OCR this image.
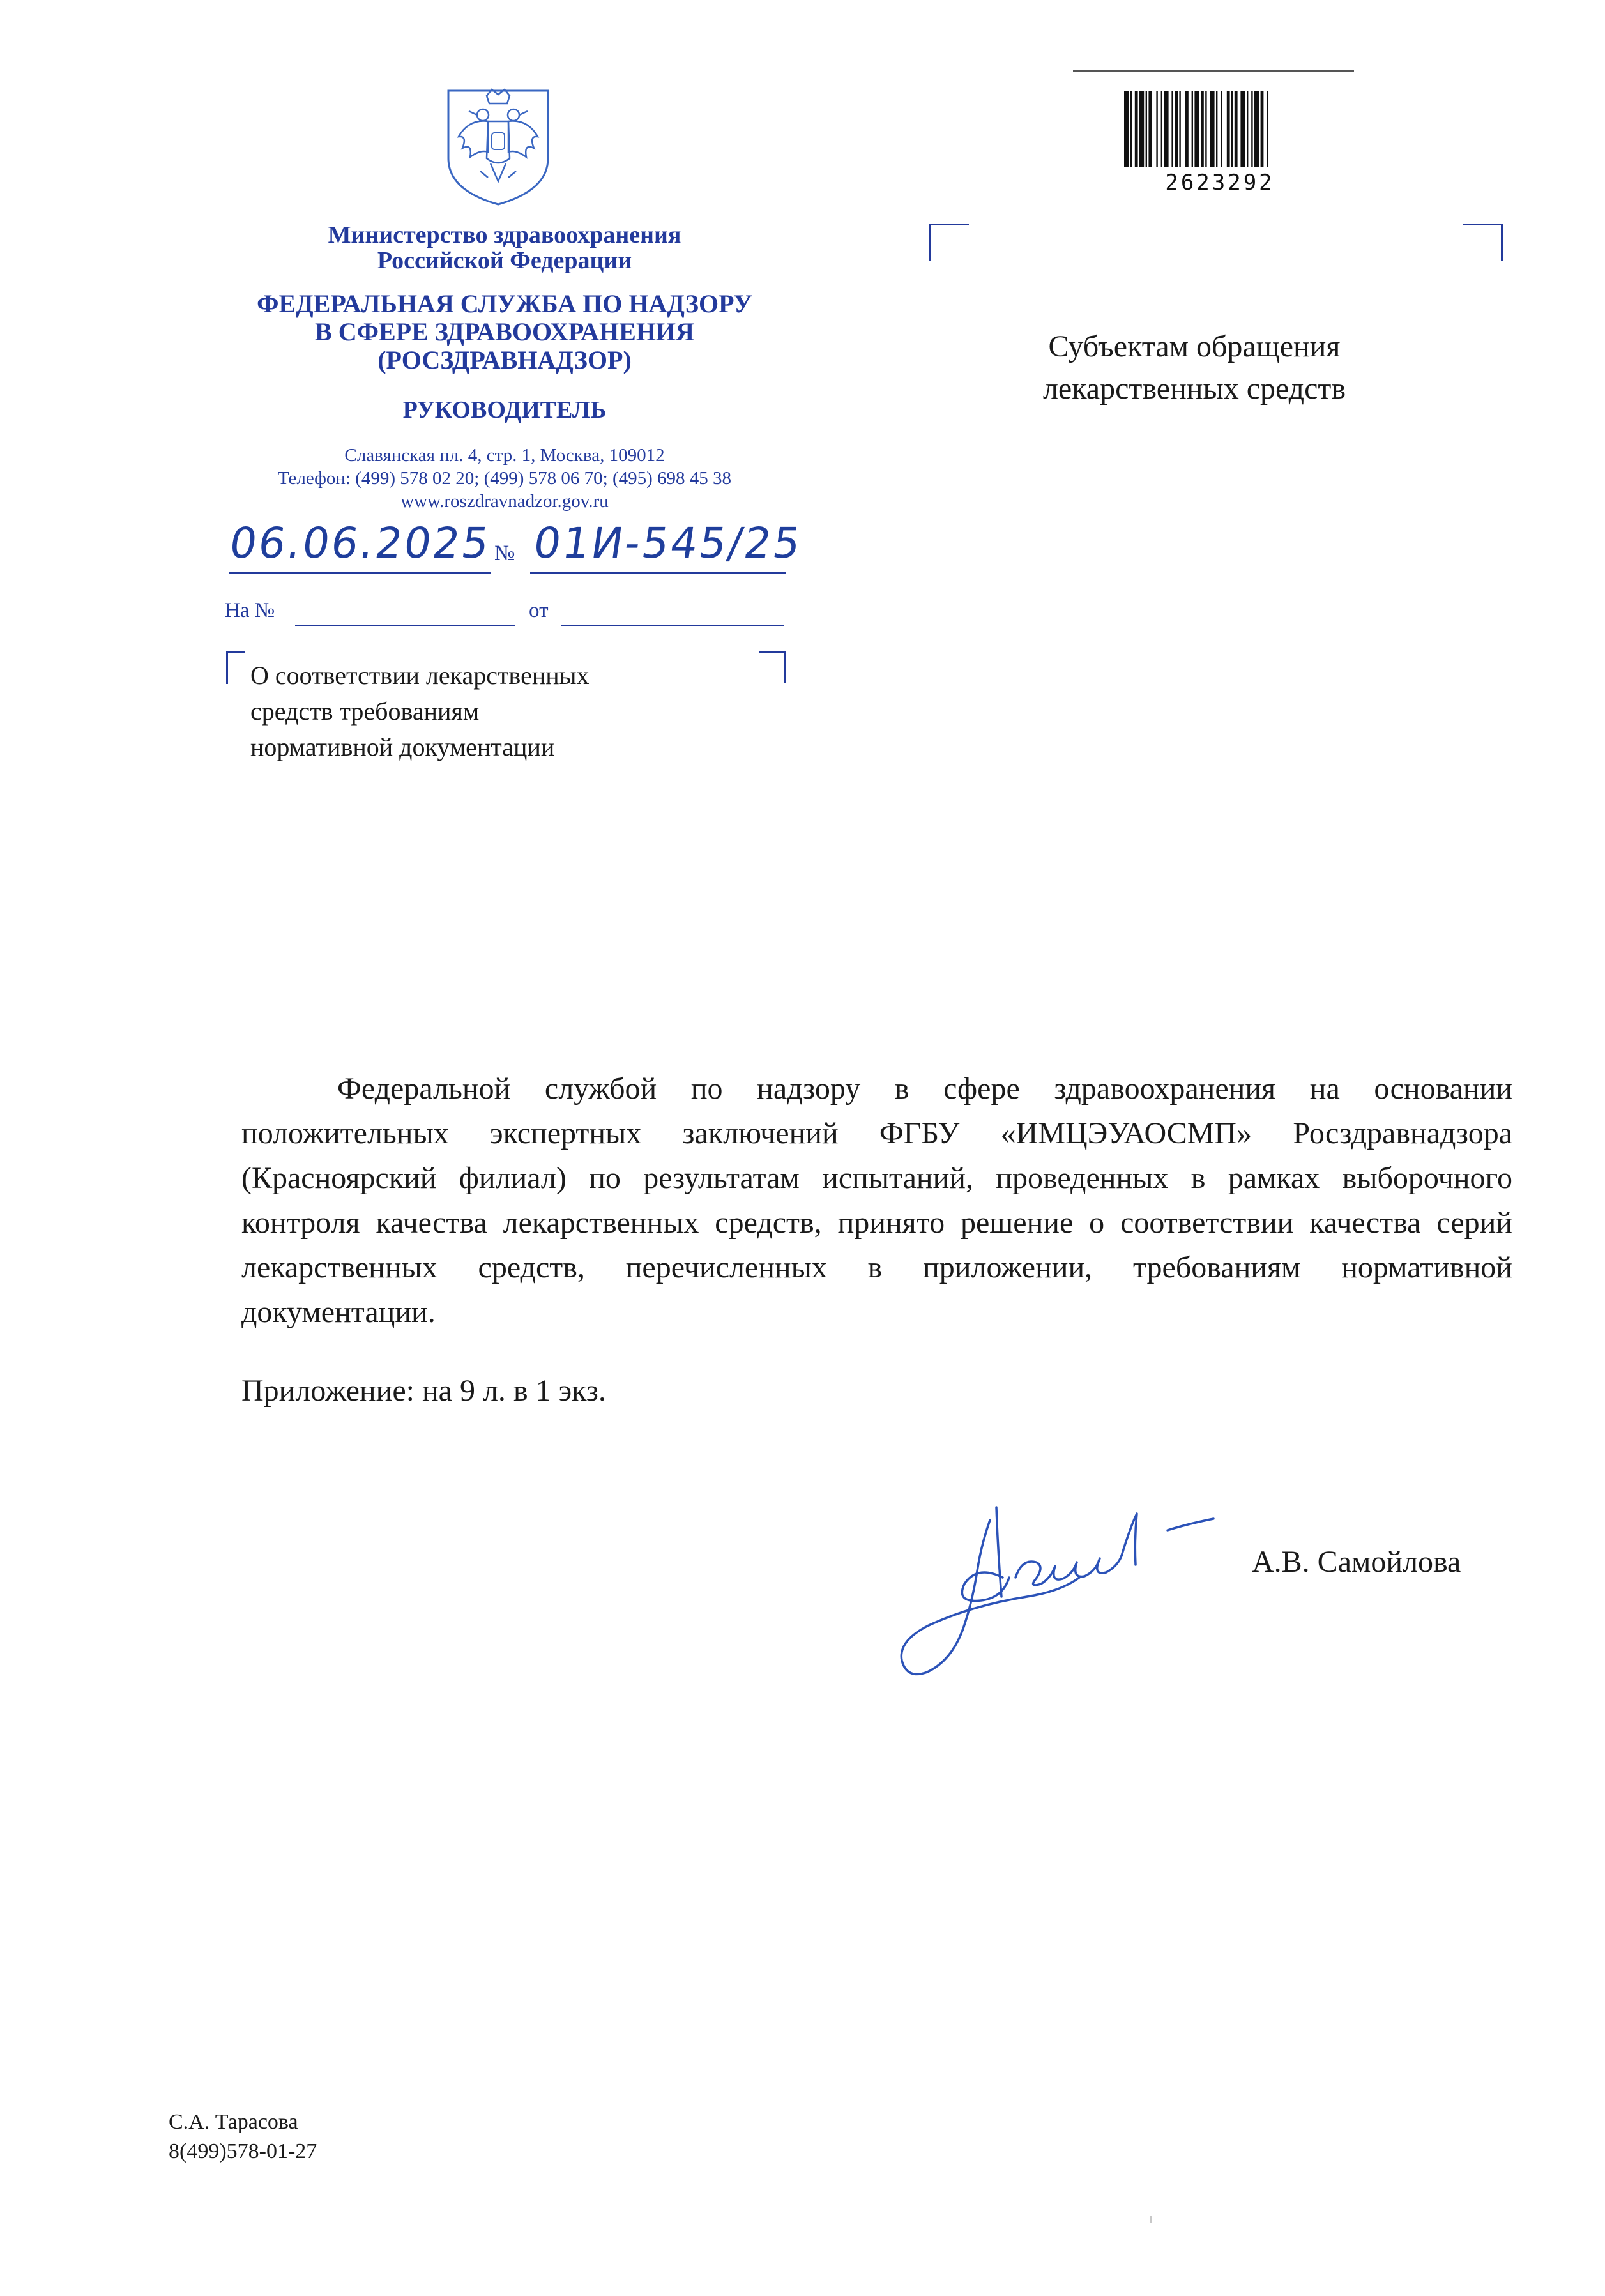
Министерство здравоохранения
Российской Федерации
ФЕДЕРАЛЬНАЯ СЛУЖБА ПО НАДЗОРУ
В СФЕРЕ ЗДРАВООХРАНЕНИЯ
(РОСЗДРАВНАДЗОР)
РУКОВОДИТЕЛЬ
Славянская пл. 4, стр. 1, Москва, 109012
Телефон: (499) 578 02 20; (499) 578 06 70; (495) 698 45 38
www.roszdravnadzor.gov.ru
06.06.2025 № 01И-545/25
На №	от
О соответствии лекарственных
средств требованиям
нормативной документации
2623292
Субъектам обращения
лекарственных средств

Федеральной службой по надзору в сфере здравоохранения на основании положительных экспертных заключений ФГБУ «ИМЦЭУАОСМП» Росздравнадзора (Красноярский филиал) по результатам испытаний, проведенных в рамках выборочного контроля качества лекарственных средств, принято решение о соответствии качества серий лекарственных средств, перечисленных в приложении, требованиям нормативной документации.

Приложение: на 9 л. в 1 экз.
А.В. Самойлова
С.А. Тарасова
8(499)578-01-27
